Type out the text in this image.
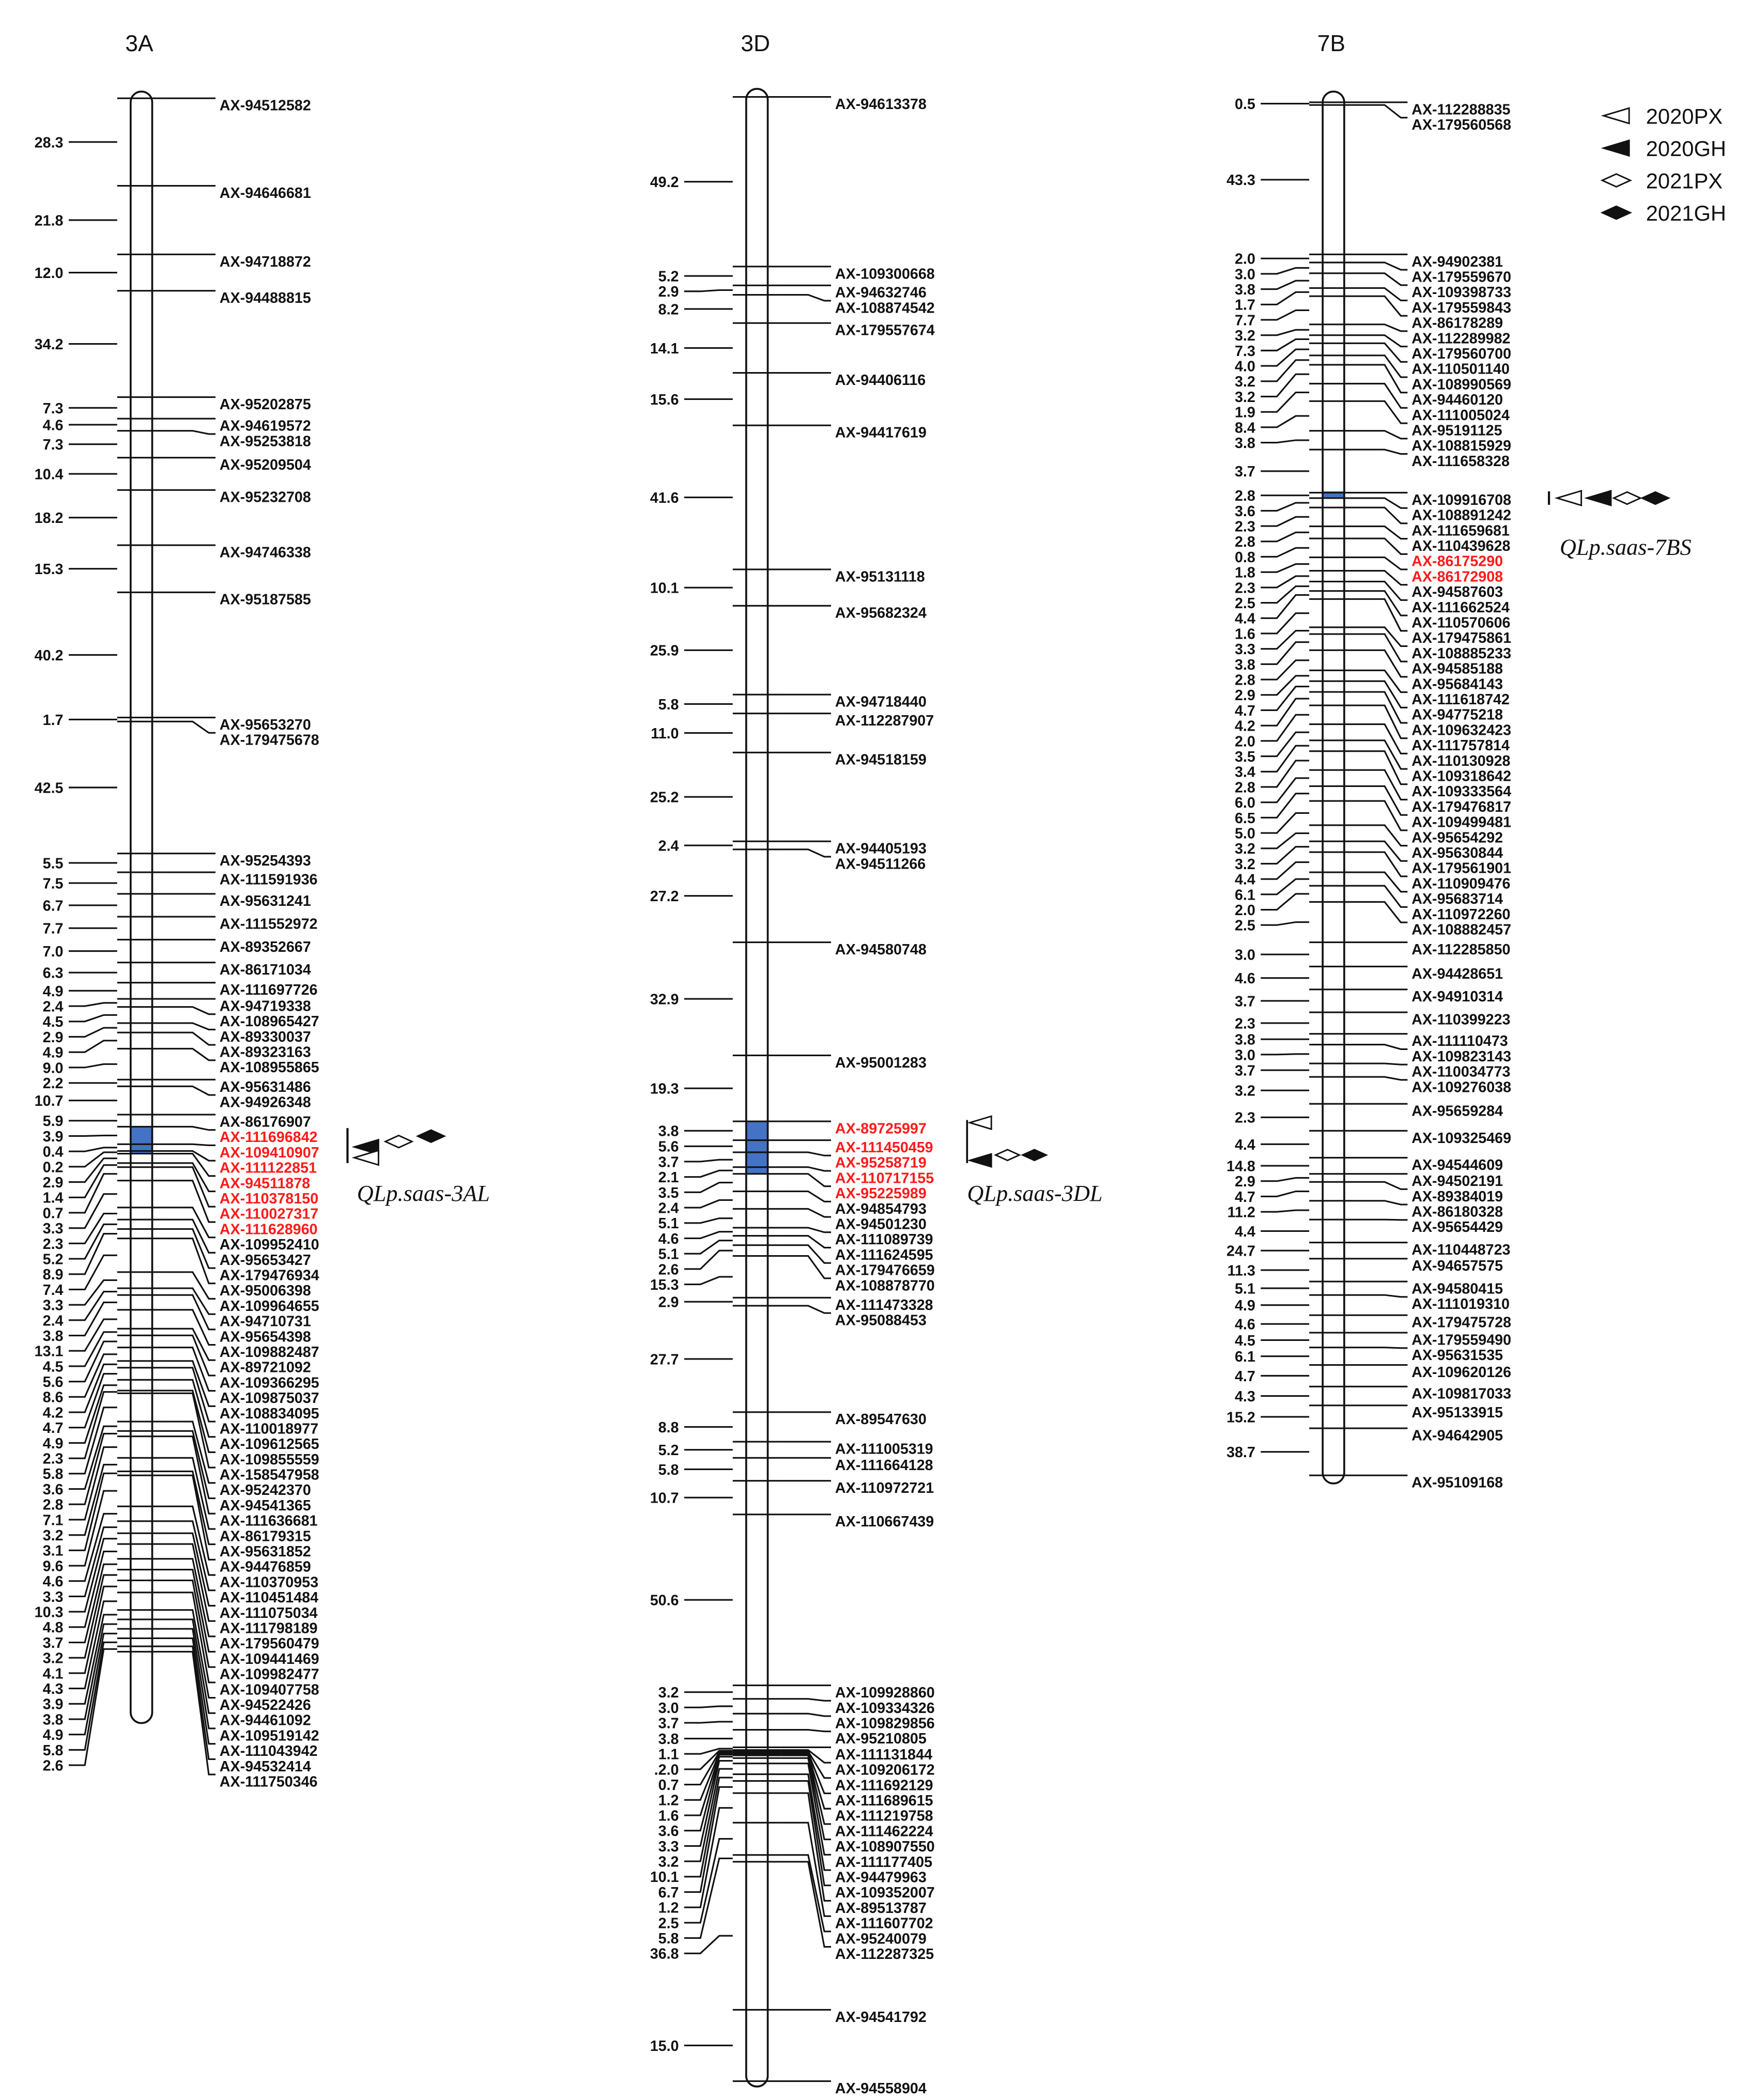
3A
AX-94512582
AX-94646681
AX-94718872
AX-94488815
AX-95202875
AX-94619572
AX-95253818
AX-95209504
AX-95232708
AX-94746338
AX-95187585
AX-95653270
AX-179475678
AX-95254393
AX-111591936
AX-95631241
AX-111552972
AX-89352667
AX-86171034
AX-111697726
AX-94719338
AX-108965427
AX-89330037
AX-89323163
AX-108955865
AX-95631486
AX-94926348
AX-86176907
AX-111696842
AX-109410907
AX-111122851
AX-94511878
AX-110378150
AX-110027317
AX-111628960
AX-109952410
AX-95653427
AX-179476934
AX-95006398
AX-109964655
AX-94710731
AX-95654398
AX-109882487
AX-89721092
AX-109366295
AX-109875037
AX-108834095
AX-110018977
AX-109612565
AX-109855559
AX-158547958
AX-95242370
AX-94541365
AX-111636681
AX-86179315
AX-95631852
AX-94476859
AX-110370953
AX-110451484
AX-111075034
AX-111798189
AX-179560479
AX-109441469
AX-109982477
AX-109407758
AX-94522426
AX-94461092
AX-109519142
AX-111043942
AX-94532414
AX-111750346
28.3
21.8
12.0
34.2
7.3
4.6
7.3
10.4
18.2
15.3
40.2
1.7
42.5
5.5
7.5
6.7
7.7
7.0
6.3
4.9
2.4
4.5
2.9
4.9
9.0
2.2
10.7
5.9
3.9
0.4
0.2
2.9
1.4
0.7
3.3
2.3
5.2
8.9
7.4
3.3
2.4
3.8
13.1
4.5
5.6
8.6
4.2
4.7
4.9
2.3
5.8
3.6
2.8
7.1
3.2
3.1
9.6
4.6
3.3
10.3
4.8
3.7
3.2
4.1
4.3
3.9
3.8
4.9
5.8
2.6
QLp.saas-3AL
3D
AX-94613378
AX-109300668
AX-94632746
AX-108874542
AX-179557674
AX-94406116
AX-94417619
AX-95131118
AX-95682324
AX-94718440
AX-112287907
AX-94518159
AX-94405193
AX-94511266
AX-94580748
AX-95001283
AX-89725997
AX-111450459
AX-95258719
AX-110717155
AX-95225989
AX-94854793
AX-94501230
AX-111089739
AX-111624595
AX-179476659
AX-108878770
AX-111473328
AX-95088453
AX-89547630
AX-111005319
AX-111664128
AX-110972721
AX-110667439
AX-109928860
AX-109334326
AX-109829856
AX-95210805
AX-111131844
AX-109206172
AX-111692129
AX-111689615
AX-111219758
AX-111462224
AX-108907550
AX-111177405
AX-94479963
AX-109352007
AX-89513787
AX-111607702
AX-95240079
AX-112287325
AX-94541792
AX-94558904
49.2
5.2
2.9
8.2
14.1
15.6
41.6
10.1
25.9
5.8
11.0
25.2
2.4
27.2
32.9
19.3
3.8
5.6
3.7
2.1
3.5
2.4
5.1
4.6
5.1
2.6
15.3
2.9
27.7
8.8
5.2
5.8
10.7
50.6
3.2
3.0
3.7
3.8
1.1
.2.0
0.7
1.2
1.6
3.6
3.3
3.2
10.1
6.7
1.2
2.5
5.8
36.8
15.0
QLp.saas-3DL
7B
AX-112288835
AX-179560568
AX-94902381
AX-179559670
AX-109398733
AX-179559843
AX-86178289
AX-112289982
AX-179560700
AX-110501140
AX-108990569
AX-94460120
AX-111005024
AX-95191125
AX-108815929
AX-111658328
AX-109916708
AX-108891242
AX-111659681
AX-110439628
AX-86175290
AX-86172908
AX-94587603
AX-111662524
AX-110570606
AX-179475861
AX-108885233
AX-94585188
AX-95684143
AX-111618742
AX-94775218
AX-109632423
AX-111757814
AX-110130928
AX-109318642
AX-109333564
AX-179476817
AX-109499481
AX-95654292
AX-95630844
AX-179561901
AX-110909476
AX-95683714
AX-110972260
AX-108882457
AX-112285850
AX-94428651
AX-94910314
AX-110399223
AX-111110473
AX-109823143
AX-110034773
AX-109276038
AX-95659284
AX-109325469
AX-94544609
AX-94502191
AX-89384019
AX-86180328
AX-95654429
AX-110448723
AX-94657575
AX-94580415
AX-111019310
AX-179475728
AX-179559490
AX-95631535
AX-109620126
AX-109817033
AX-95133915
AX-94642905
AX-95109168
0.5
43.3
2.0
3.0
3.8
1.7
7.7
3.2
7.3
4.0
3.2
3.2
1.9
8.4
3.8
3.7
2.8
3.6
2.3
2.8
0.8
1.8
2.3
2.5
4.4
1.6
3.3
3.8
2.8
2.9
4.7
4.2
2.0
3.5
3.4
2.8
6.0
6.5
5.0
3.2
3.2
4.4
6.1
2.0
2.5
3.0
4.6
3.7
2.3
3.8
3.0
3.7
3.2
2.3
4.4
14.8
2.9
4.7
11.2
4.4
24.7
11.3
5.1
4.9
4.6
4.5
6.1
4.7
4.3
15.2
38.7
QLp.saas-7BS
2020PX
2020GH
2021PX
2021GH
